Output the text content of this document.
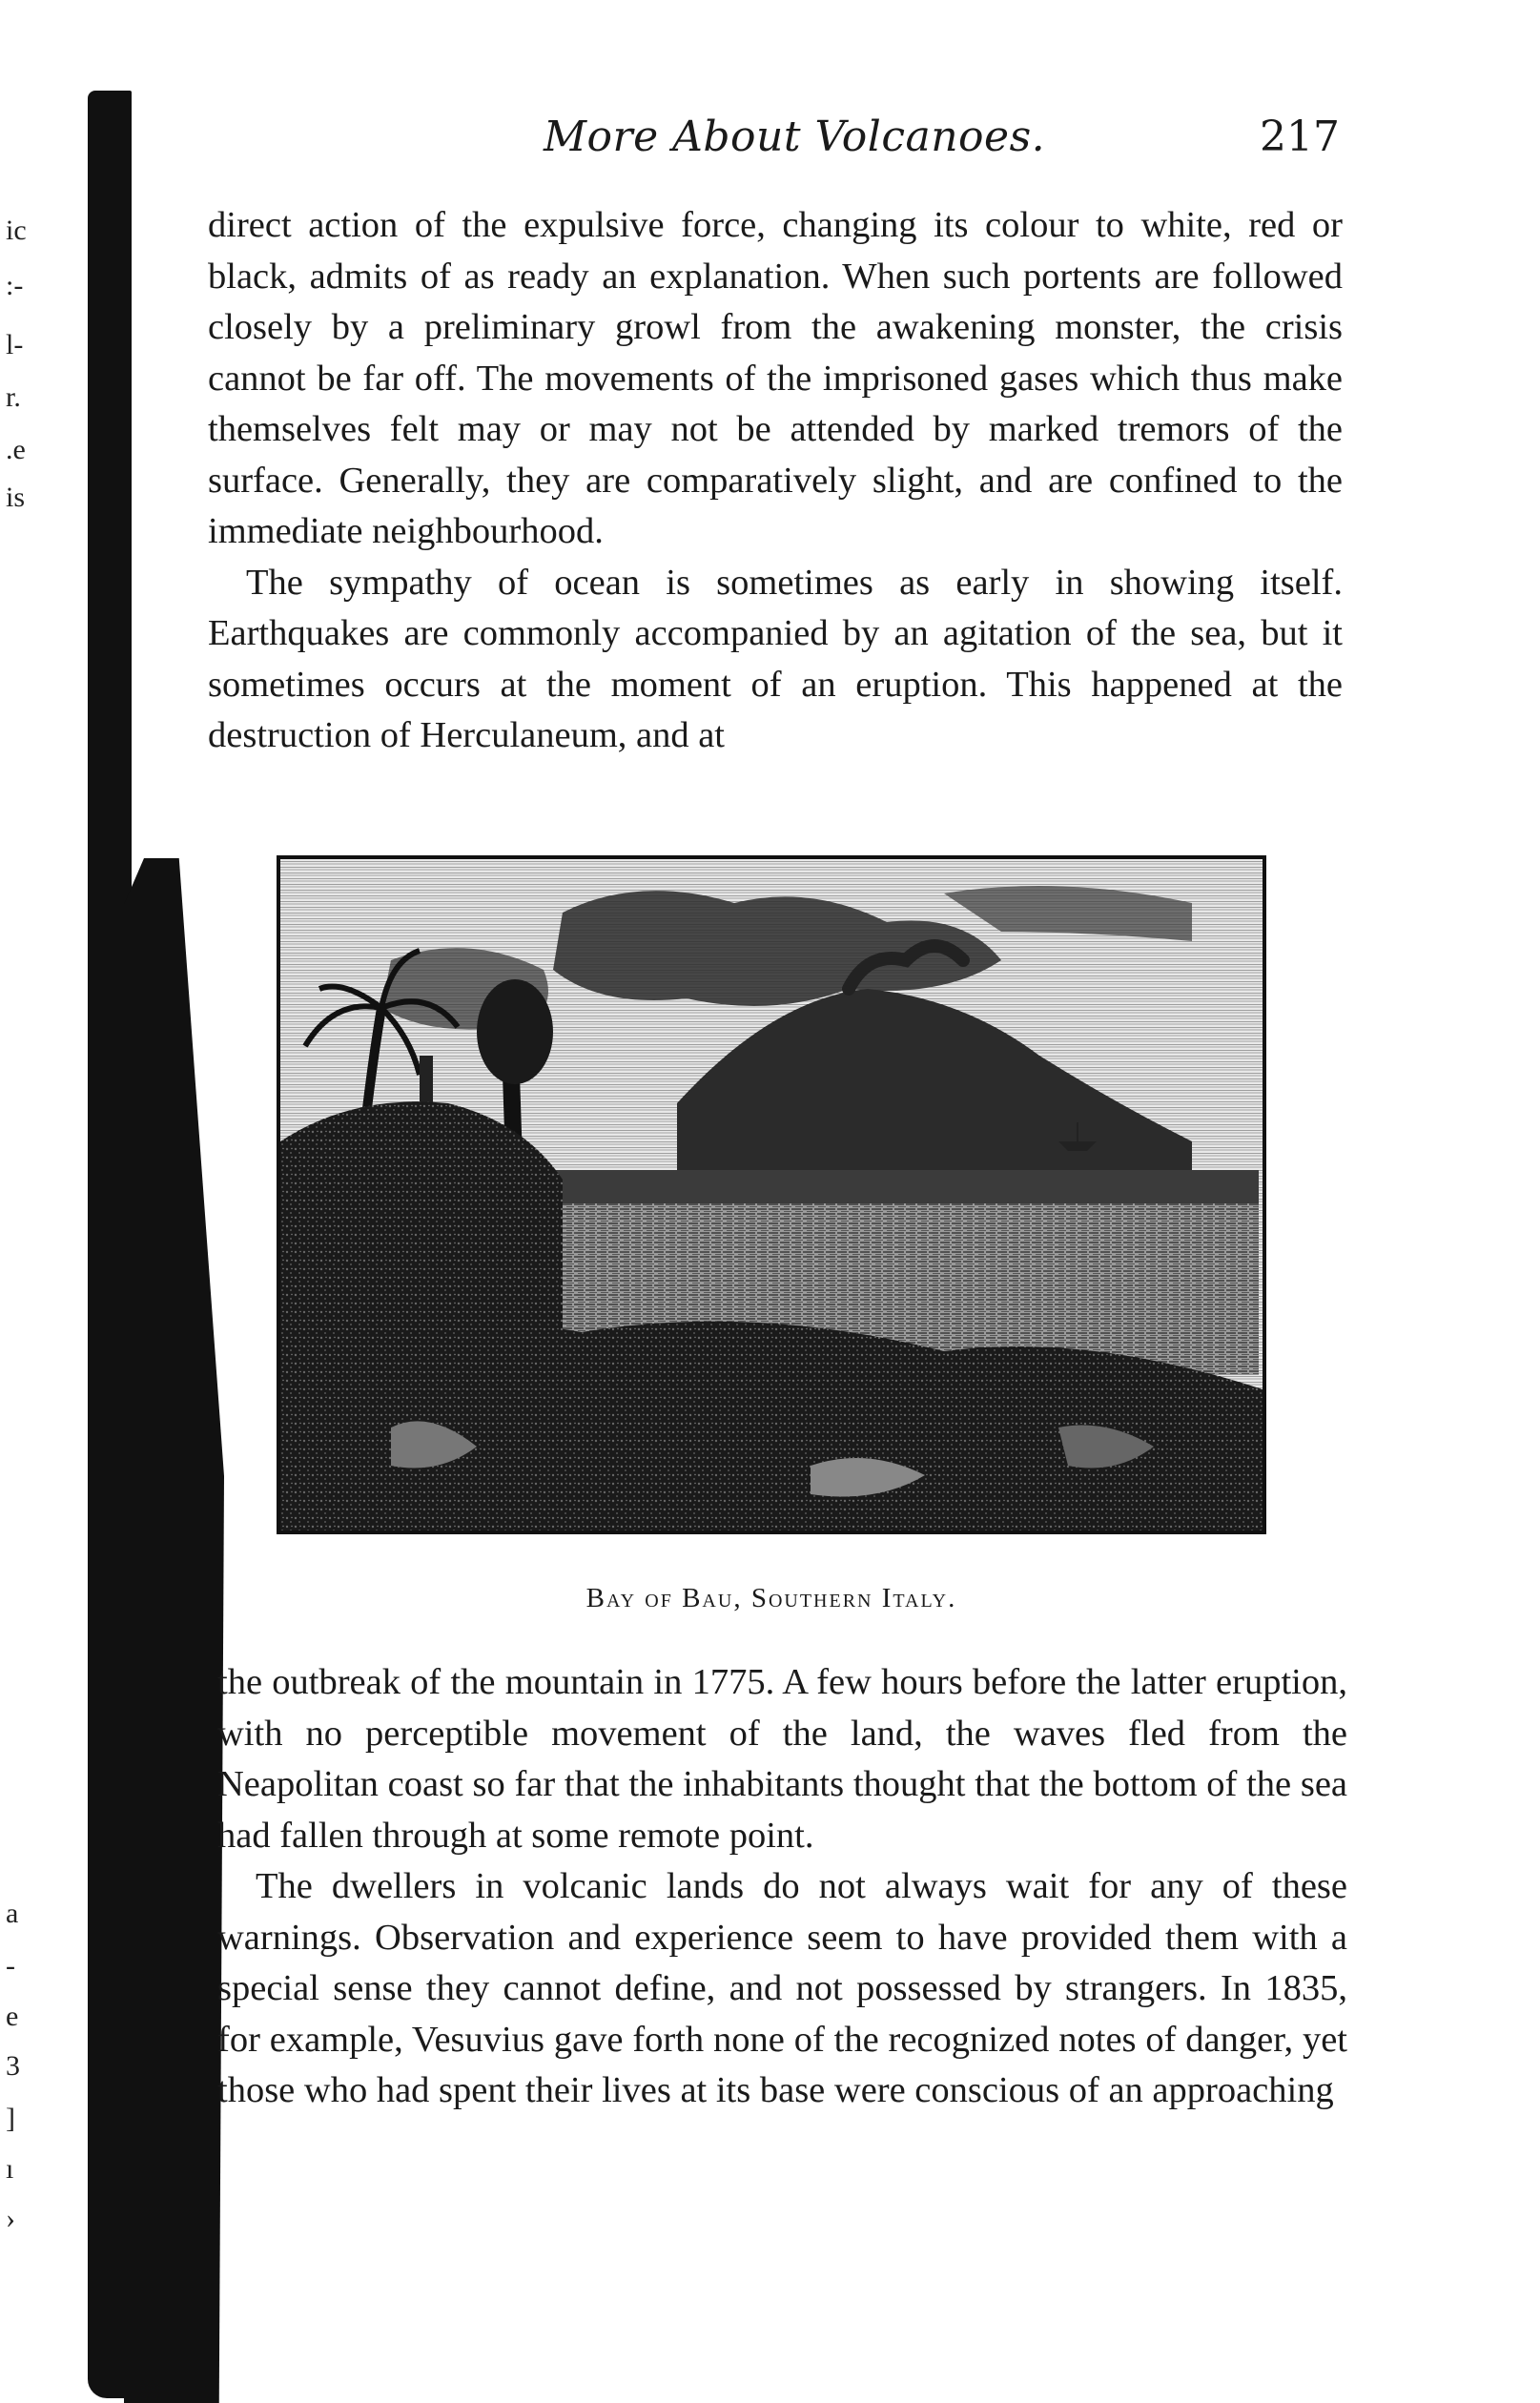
ic
:-
l-
r.
.e
is
a
-
e
3
]
ı
›
More About Volcanoes.	217

direct action of the expulsive force, changing its colour to white, red or black, admits of as ready an explanation. When such portents are followed closely by a preliminary growl from the awakening monster, the crisis cannot be far off. The movements of the imprisoned gases which thus make themselves felt may or may not be attended by marked tremors of the surface. Generally, they are comparatively slight, and are confined to the immediate neighbourhood.

The sympathy of ocean is sometimes as early in showing itself. Earthquakes are commonly accompanied by an agitation of the sea, but it sometimes occurs at the moment of an eruption. This happened at the destruction of Herculaneum, and at

Bay of Bau, Southern Italy.

the outbreak of the mountain in 1775. A few hours before the latter eruption, with no perceptible movement of the land, the waves fled from the Neapolitan coast so far that the inhabitants thought that the bottom of the sea had fallen through at some remote point.

The dwellers in volcanic lands do not always wait for any of these warnings. Observation and experience seem to have provided them with a special sense they cannot define, and not possessed by strangers. In 1835, for example, Vesuvius gave forth none of the recognized notes of danger, yet those who had spent their lives at its base were conscious of an approaching
